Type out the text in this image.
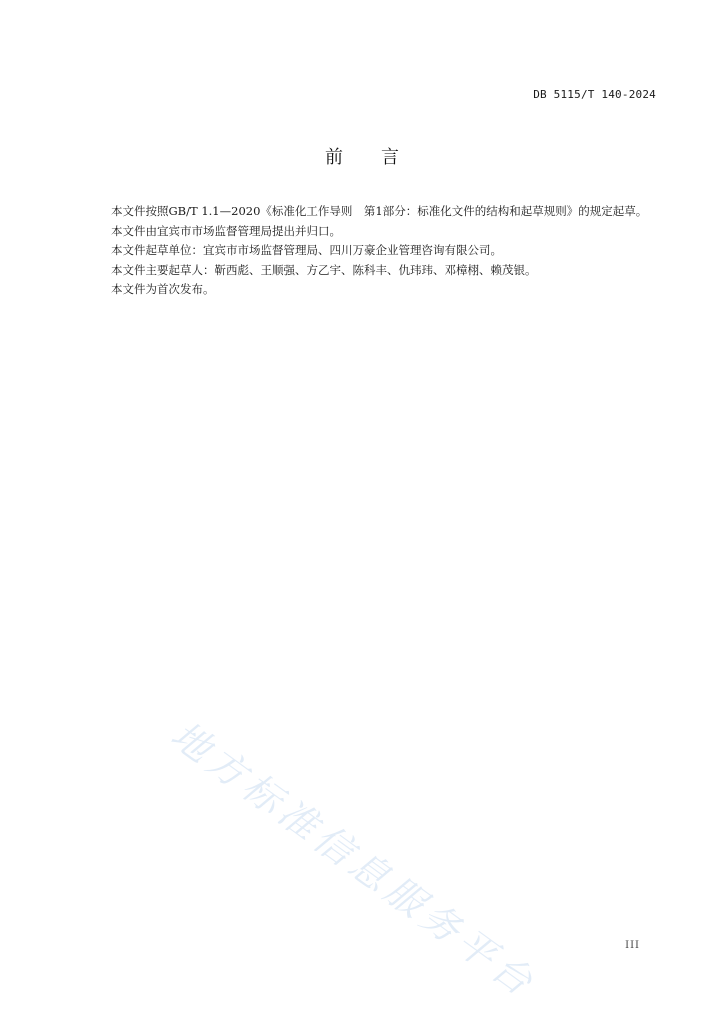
DB 5115/T 140-2024
前言

本文件按照GB/T 1.1—2020《标准化工作导则　第1部分：标准化文件的结构和起草规则》的规定起草。

本文件由宜宾市市场监督管理局提出并归口。

本文件起草单位：宜宾市市场监督管理局、四川万豪企业管理咨询有限公司。

本文件主要起草人：靳西彪、王顺强、方乙宇、陈科丰、仇玮玮、邓樟栩、赖茂银。

本文件为首次发布。

地方标准信息服务平台	III
